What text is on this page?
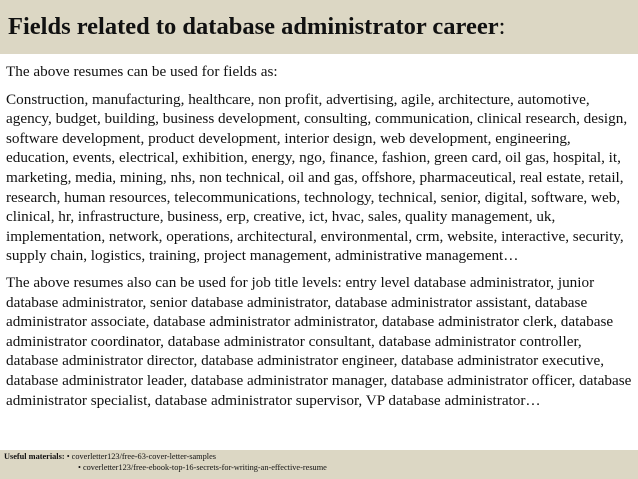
Fields related to database administrator career:

The above resumes can be used for fields as:

Construction, manufacturing, healthcare, non profit, advertising, agile, architecture, automotive, agency, budget, building, business development, consulting, communication, clinical research, design, software development, product development, interior design, web development, engineering, education, events, electrical, exhibition, energy, ngo, finance, fashion, green card, oil gas, hospital, it, marketing, media, mining, nhs, non technical, oil and gas, offshore, pharmaceutical, real estate, retail, research, human resources, telecommunications, technology, technical, senior, digital, software, web, clinical, hr, infrastructure, business, erp, creative, ict, hvac, sales, quality management, uk, implementation, network, operations, architectural, environmental, crm, website, interactive, security, supply chain, logistics, training, project management, administrative management…

The above resumes also can be used for job title levels: entry level database administrator, junior database administrator, senior database administrator, database administrator assistant, database administrator associate, database administrator administrator, database administrator clerk, database administrator coordinator, database administrator consultant, database administrator controller, database administrator director, database administrator engineer, database administrator executive, database administrator leader, database administrator manager, database administrator officer, database administrator specialist, database administrator supervisor, VP database administrator…

Useful materials: • coverletter123/free-63-cover-letter-samples
• coverletter123/free-ebook-top-16-secrets-for-writing-an-effective-resume
